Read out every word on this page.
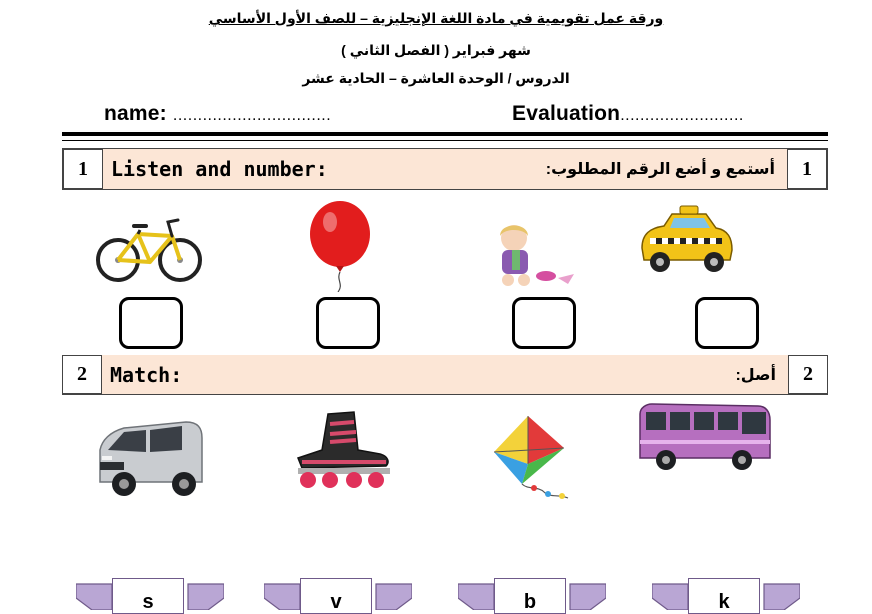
ورقة عمل تقويمية في مادة اللغة الإنجليزية – للصف الأول الأساسي
شهر فبراير ( الفصل الثاني )
الدروس / الوحدة العاشرة – الحادية عشر
name: ................................	Evaluation.........................
1	Listen and number:	أستمع و أضع الرقم المطلوب:	1
2	Match:	أصل:	2
s	v	b	k
